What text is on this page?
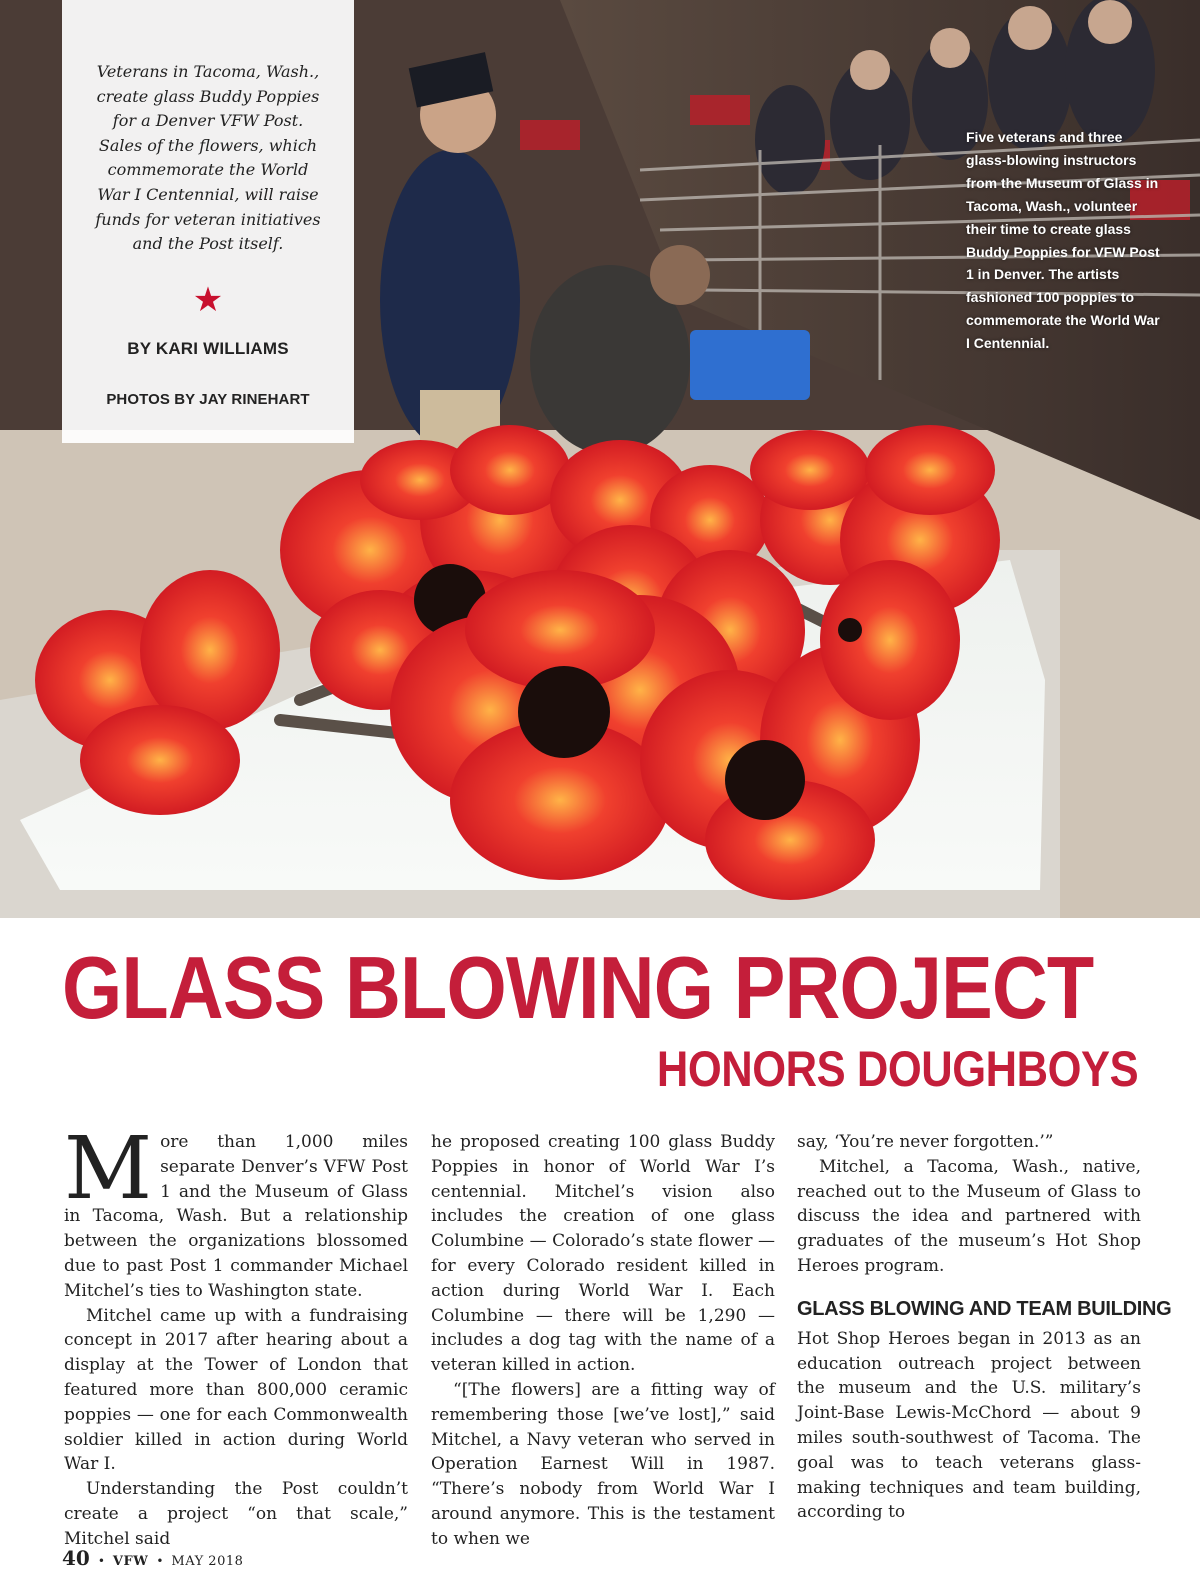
Veterans in Tacoma, Wash., create glass Buddy Poppies for a Denver VFW Post. Sales of the flowers, which commemorate the World War I Centennial, will raise funds for veteran initiatives and the Post itself.

★
BY KARI WILLIAMS
PHOTOS BY JAY RINEHART

Five veterans and three glass-blowing instructors from the Museum of Glass in Tacoma, Wash., volunteer their time to create glass Buddy Poppies for VFW Post 1 in Denver. The artists fashioned 100 poppies to commemorate the World War I Centennial.

GLASS BLOWING PROJECT
HONORS DOUGHBOYS

More than 1,000 miles separate Denver’s VFW Post 1 and the Museum of Glass in Tacoma, Wash. But a relationship between the organizations blossomed due to past Post 1 commander Michael Mitchel’s ties to Washington state.

Mitchel came up with a fundraising concept in 2017 after hearing about a display at the Tower of London that featured more than 800,000 ceramic poppies — one for each Commonwealth soldier killed in action during World War I.

Understanding the Post couldn’t create a project “on that scale,” Mitchel said

he proposed creating 100 glass Buddy Poppies in honor of World War I’s centennial. Mitchel’s vision also includes the creation of one glass Columbine — Colorado’s state flower — for every Colorado resident killed in action during World War I. Each Columbine — there will be 1,290 — includes a dog tag with the name of a veteran killed in action.

“[The flowers] are a fitting way of remembering those [we’ve lost],” said Mitchel, a Navy veteran who served in Operation Earnest Will in 1987. “There’s nobody from World War I around anymore. This is the testament to when we

say, ‘You’re never forgotten.’”

Mitchel, a Tacoma, Wash., native, reached out to the Museum of Glass to discuss the idea and partnered with graduates of the museum’s Hot Shop Heroes program.

GLASS BLOWING AND TEAM BUILDING

Hot Shop Heroes began in 2013 as an education outreach project between the museum and the U.S. military’s Joint-Base Lewis-McChord — about 9 miles south-southwest of Tacoma. The goal was to teach veterans glass-making techniques and team building, according to

40 • VFW • MAY 2018
